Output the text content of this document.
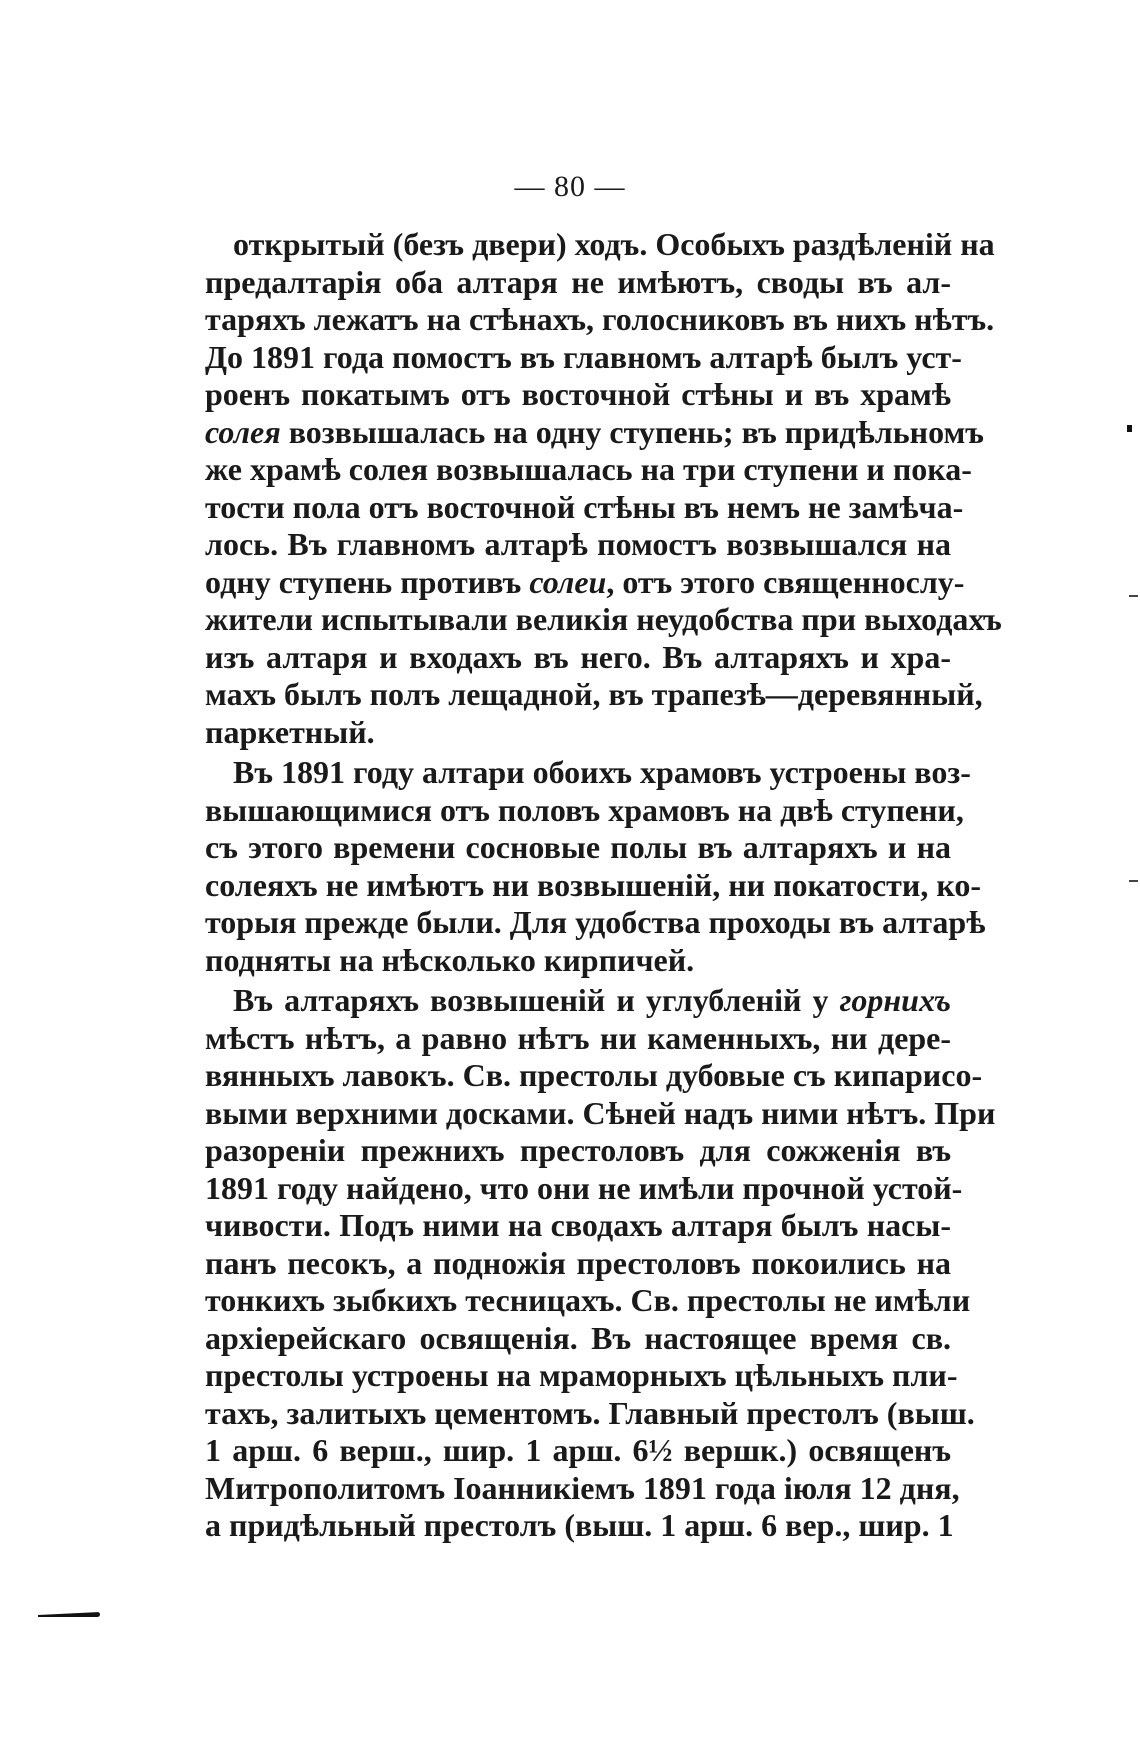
— 80 —
открытый (безъ двери) ходъ. Особыхъ раздѣленій на
предалтарія оба алтаря не имѣютъ, своды въ ал-
таряхъ лежатъ на стѣнахъ, голосниковъ въ нихъ нѣтъ.
До 1891 года помостъ въ главномъ алтарѣ былъ уст-
роенъ покатымъ отъ восточной стѣны и въ храмѣ
солея возвышалась на одну ступень; въ придѣльномъ
же храмѣ солея возвышалась на три ступени и пока-
тости пола отъ восточной стѣны въ немъ не замѣча-
лось. Въ главномъ алтарѣ помостъ возвышался на
одну ступень противъ солеи, отъ этого священнослу-
жители испытывали великія неудобства при выходахъ
изъ алтаря и входахъ въ него. Въ алтаряхъ и хра-
махъ былъ полъ лещадной, въ трапезѣ—деревянный,
паркетный.
Въ 1891 году алтари обоихъ храмовъ устроены воз-
вышающимися отъ половъ храмовъ на двѣ ступени,
съ этого времени сосновые полы въ алтаряхъ и на
солеяхъ не имѣютъ ни возвышеній, ни покатости, ко-
торыя прежде были. Для удобства проходы въ алтарѣ
подняты на нѣсколько кирпичей.
Въ алтаряхъ возвышеній и углубленій у горнихъ
мѣстъ нѣтъ, а равно нѣтъ ни каменныхъ, ни дере-
вянныхъ лавокъ. Св. престолы дубовые съ кипарисо-
выми верхними досками. Сѣней надъ ними нѣтъ. При
разореніи прежнихъ престоловъ для сожженія въ
1891 году найдено, что они не имѣли прочной устой-
чивости. Подъ ними на сводахъ алтаря былъ насы-
панъ песокъ, а подножія престоловъ покоились на
тонкихъ зыбкихъ тесницахъ. Св. престолы не имѣли
архіерейскаго освященія. Въ настоящее время св.
престолы устроены на мраморныхъ цѣльныхъ пли-
тахъ, залитыхъ цементомъ. Главный престолъ (выш.
1 арш. 6 верш., шир. 1 арш. 6½ вершк.) освященъ
Митрополитомъ Іоанникіемъ 1891 года іюля 12 дня,
а придѣльный престолъ (выш. 1 арш. 6 вер., шир. 1
